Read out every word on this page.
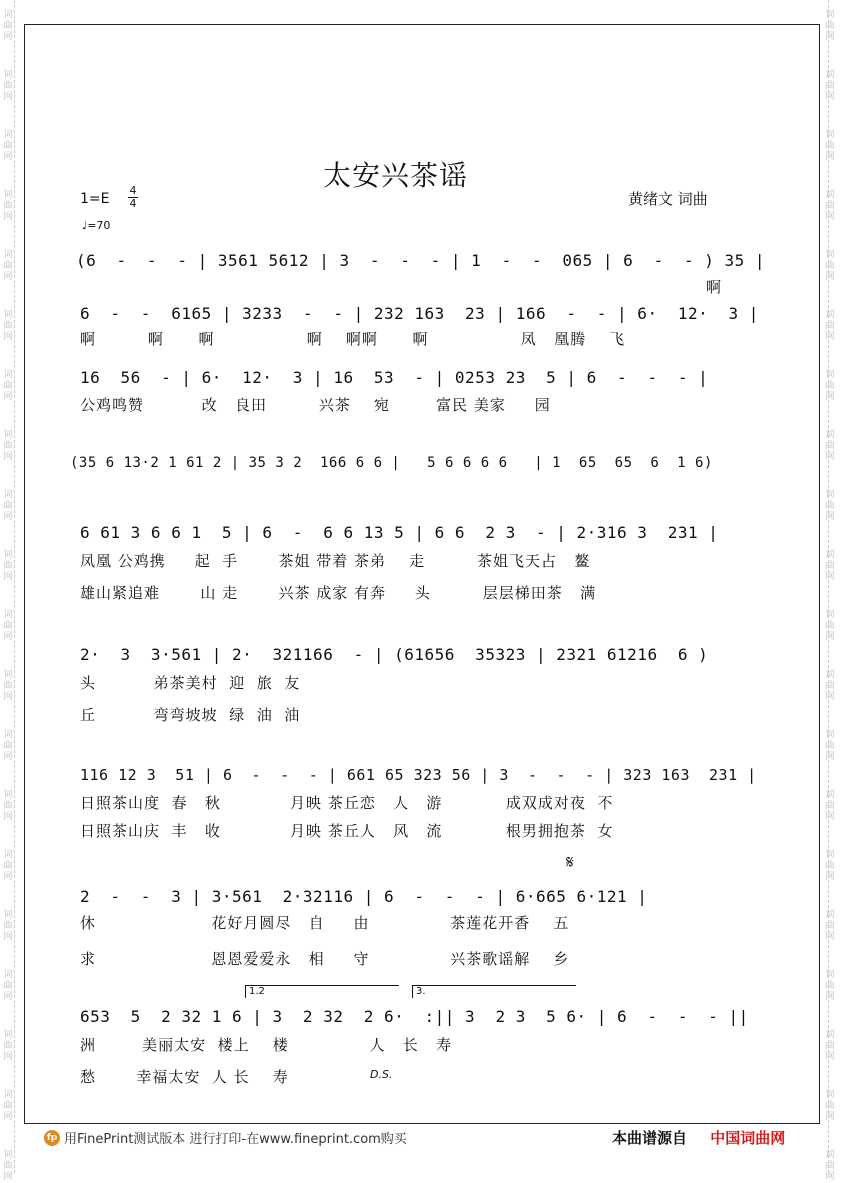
词
曲
网
词
曲
网
词
曲
网
词
曲
网
词
曲
网
词
曲
网
词
曲
网
词
曲
网
词
曲
网
词
曲
网
词
曲
网
词
曲
网
词
曲
网
词
曲
网
词
曲
网
词
曲
网
词
曲
网
词
曲
网
词
曲
网
词
曲
网
词
曲
网
词
曲
网
词
曲
网
词
曲
网
词
曲
网
词
曲
网
词
曲
网
词
曲
网
词
曲
网
词
曲
网
词
曲
网
词
曲
网
词
曲
网
词
曲
网
词
曲
网
词
曲
网
词
曲
网
词
曲
网
词
曲
网
词
曲
网
太安兴茶谣
黄绪文 词曲
1=E
4
4
♩=70
(6  -  -  - | 3561 5612 | 3  -  -  - | 1  -  -  065 | 6  -  - ) 35 |
6  -  -  6165 | 3233  -  - | 232 163  23 | 166  -  - | 6·  12·  3 |
16  56  - | 6·  12·  3 | 16  53  - | 0253 23  5 | 6  -  -  - |
(35 6 13·2 1 61 2 | 35 3 2  166 6 6 |   5 6 6 6 6   | 1  65  65  6  1 6)
6 61 3 6 6 1  5 | 6  -  6 6 13 5 | 6 6  2 3  - | 2·316 3  231 |
2·  3  3·561 | 2·  321166  - | (61656  35323 | 2321 61216  6 )
116 12 3  51 | 6  -  -  - | 661 65 323 56 | 3  -  -  - | 323 163  231 |
2  -  -  3 | 3·561  2·32116 | 6  -  -  - | 6·665 6·121 |
653  5  2 32 1 6 | 3  2 32  2 6·  :|| 3  2 3  5 6· | 6  -  -  - ||
啊
啊         啊      啊                啊    啊啊      啊                凤   凰腾    飞
公鸡鸣赞          改   良田         兴茶    宛        富民 美家     园
凤凰 公鸡携     起  手       茶姐 带着 茶弟    走         茶姐飞天占   鳌
雄山紧追难       山 走       兴茶 成家 有奔     头         层层梯田茶   满
头          弟茶美村  迎  旅  友
丘          弯弯坡坡  绿  油  油
日照茶山度  春   秋            月映 茶丘恋   人   游           成双成对夜  不
日照茶山庆  丰   收            月映 茶丘人   风   流           根男拥抱茶  女
休                    花好月圆尽   自     由              茶莲花开香    五
求                    恩恩爱爱永   相     守              兴茶歌谣解    乡
洲        美丽太安  楼上    楼              人   长   寿
愁       幸福太安  人 长    寿
𝄋
D.S.
1.2	3.
fp 用FinePrint测试版本 进行打印-在www.fineprint.com购买	本曲谱源自 中国词曲网
